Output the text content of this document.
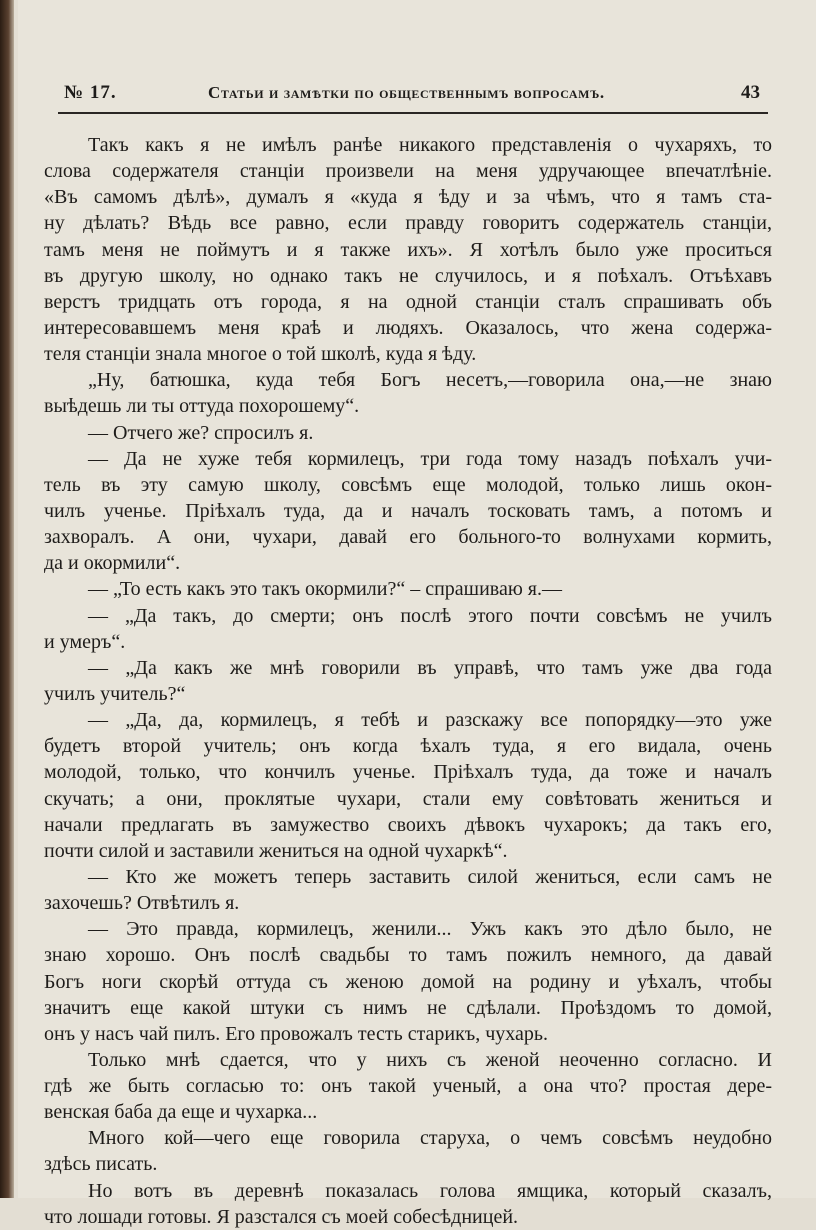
№ 17.	Статьи и замѣтки по общественнымъ вопросамъ.	43
Такъ какъ я не имѣлъ ранѣе никакого представленія о чухаряхъ, то
слова содержателя станціи произвели на меня удручающее впечатлѣніе.
«Въ самомъ дѣлѣ», думалъ я «куда я ѣду и за чѣмъ, что я тамъ ста-
ну дѣлать? Вѣдь все равно, если правду говоритъ содержатель станціи,
тамъ меня не поймутъ и я также ихъ». Я хотѣлъ было уже проситься
въ другую школу, но однако такъ не случилось, и я поѣхалъ. Отъѣхавъ
верстъ тридцать отъ города, я на одной станціи сталъ спрашивать объ
интересовавшемъ меня краѣ и людяхъ. Оказалось, что жена содержа-
теля станціи знала многое о той школѣ, куда я ѣду.
„Ну, батюшка, куда тебя Богъ несетъ,—говорила она,—не знаю
выѣдешь ли ты оттуда похорошему“.
— Отчего же? спросилъ я.
— Да не хуже тебя кормилецъ, три года тому назадъ поѣхалъ учи-
тель въ эту самую школу, совсѣмъ еще молодой, только лишь окон-
чилъ ученье. Пріѣхалъ туда, да и началъ тосковать тамъ, а потомъ и
захворалъ. А они, чухари, давай его больного-то волнухами кормить,
да и окормили“.
— „То есть какъ это такъ окормили?“ – спрашиваю я.—
— „Да такъ, до смерти; онъ послѣ этого почти совсѣмъ не училъ
и умеръ“.
— „Да какъ же мнѣ говорили въ управѣ, что тамъ уже два года
училъ учитель?“
— „Да, да, кормилецъ, я тебѣ и разскажу все попорядку—это уже
будетъ второй учитель; онъ когда ѣхалъ туда, я его видала, очень
молодой, только, что кончилъ ученье. Пріѣхалъ туда, да тоже и началъ
скучать; а они, проклятые чухари, стали ему совѣтовать жениться и
начали предлагать въ замужество своихъ дѣвокъ чухарокъ; да такъ его,
почти силой и заставили жениться на одной чухаркѣ“.
— Кто же можетъ теперь заставить силой жениться, если самъ не
захочешь? Отвѣтилъ я.
— Это правда, кормилецъ, женили... Ужъ какъ это дѣло было, не
знаю хорошо. Онъ послѣ свадьбы то тамъ пожилъ немного, да давай
Богъ ноги скорѣй оттуда съ женою домой на родину и уѣхалъ, чтобы
значитъ еще какой штуки съ нимъ не сдѣлали. Проѣздомъ то домой,
онъ у насъ чай пилъ. Его провожалъ тесть старикъ, чухарь.
Только мнѣ сдается, что у нихъ съ женой неоченно согласно. И
гдѣ же быть согласью то: онъ такой ученый, а она что? простая дере-
венская баба да еще и чухарка...
Много кой—чего еще говорила старуха, о чемъ совсѣмъ неудобно
здѣсь писать.
Но вотъ въ деревнѣ показалась голова ямщика, который сказалъ,
что лошади готовы. Я разстался съ моей собесѣдницей.
